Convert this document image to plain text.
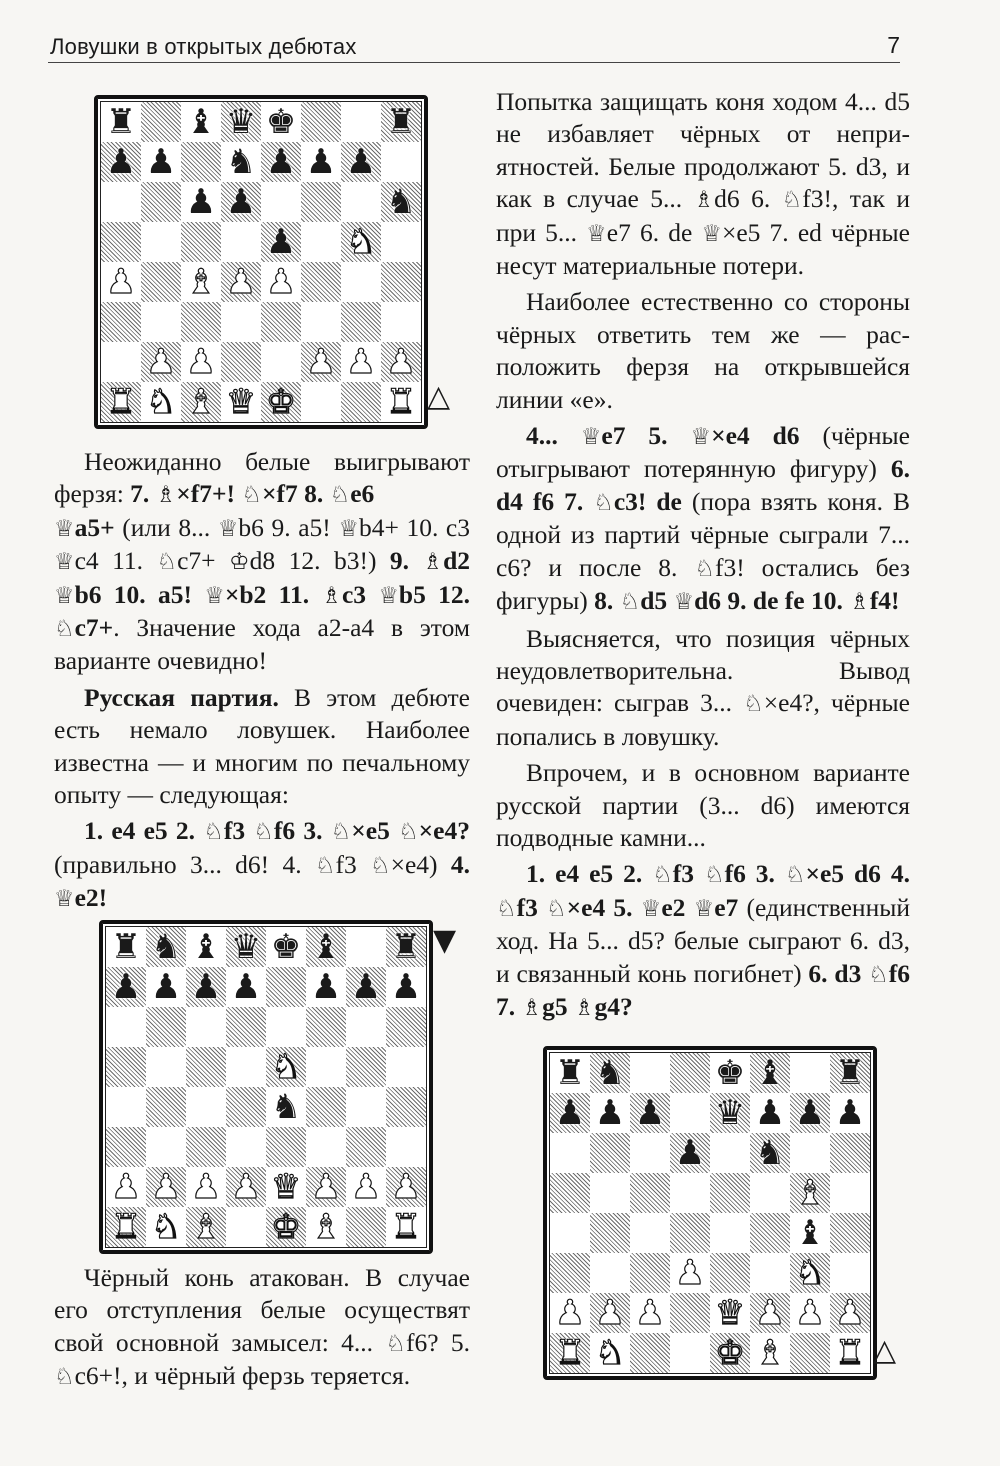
Ловушки в открытых дебютах	7
♜ ♝ ♛ ♚	♜
♟ ♟ ♞ ♟ ♟ ♟
♟ ♟	♞
♟ ♞
♟ ♝ ♟ ♟
♟ ♟	♟ ♟ ♟
♜ ♞ ♝ ♛ ♚	♜ △
♜ ♞ ♝ ♛ ♚ ♝ ♜
♟ ♟ ♟ ♟ ♟ ♟ ♟
♞
♞
♟ ♟ ♟ ♟ ♛ ♟ ♟ ♟
♜ ♞ ♝ ♚ ♝ ♜
▼
♜ ♞	♚ ♝ ♜
♟ ♟ ♟ ♛ ♟ ♟ ♟
♟ ♞
♝
♝
♟	♞
♟ ♟ ♟ ♛ ♟ ♟ ♟
♜ ♞	♚ ♝ ♜ △

Неожиданно белые выигрывают ферзя: 7. ♗×f7+! ♘×f7 8. ♘e6
♕a5+ (или 8... ♕b6 9. a5! ♕b4+ 10. c3 ♕c4 11. ♘c7+ ♔d8 12. b3!) 9. ♗d2 ♕b6 10. a5! ♕×b2 11. ♗c3 ♕b5 12. ♘c7+. Значение хода a2-a4 в этом варианте очевидно!

Русская партия. В этом дебюте есть немало ловушек. Наиболее известна — и многим по печальному опыту — следующая:

1. e4 e5 2. ♘f3 ♘f6 3. ♘×e5 ♘×e4? (правильно 3... d6! 4. ♘f3 ♘×e4) 4. ♕e2!

Чёрный конь атакован. В случае его отступления белые осуществят свой основной замысел: 4... ♘f6? 5. ♘c6+!, и чёрный ферзь теряется.

Попытка защищать коня ходом 4... d5 не избавляет чёрных от неприятностей. Белые продолжают 5. d3, и как в случае 5... ♗d6 6. ♘f3!, так и при 5... ♕e7 6. de ♕×e5 7. ed чёрные несут материальные потери.

Наиболее естественно со стороны чёрных ответить тем же — расположить ферзя на открывшейся линии «е».

4... ♕e7 5. ♕×e4 d6 (чёрные отыгрывают потерянную фигуру) 6. d4 f6 7. ♘c3! de (пора взять коня. В одной из партий чёрные сыграли 7... c6? и после 8. ♘f3! остались без фигуры) 8. ♘d5 ♕d6 9. de fe 10. ♗f4!

Выясняется, что позиция чёрных неудовлетворительна. Вывод очевиден: сыграв 3... ♘×e4?, чёрные попались в ловушку.

Впрочем, и в основном варианте русской партии (3... d6) имеются подводные камни...

1. e4 e5 2. ♘f3 ♘f6 3. ♘×e5 d6 4. ♘f3 ♘×e4 5. ♕e2 ♕e7 (единственный ход. На 5... d5? белые сыграют 6. d3, и связанный конь погибнет) 6. d3 ♘f6 7. ♗g5 ♗g4?
